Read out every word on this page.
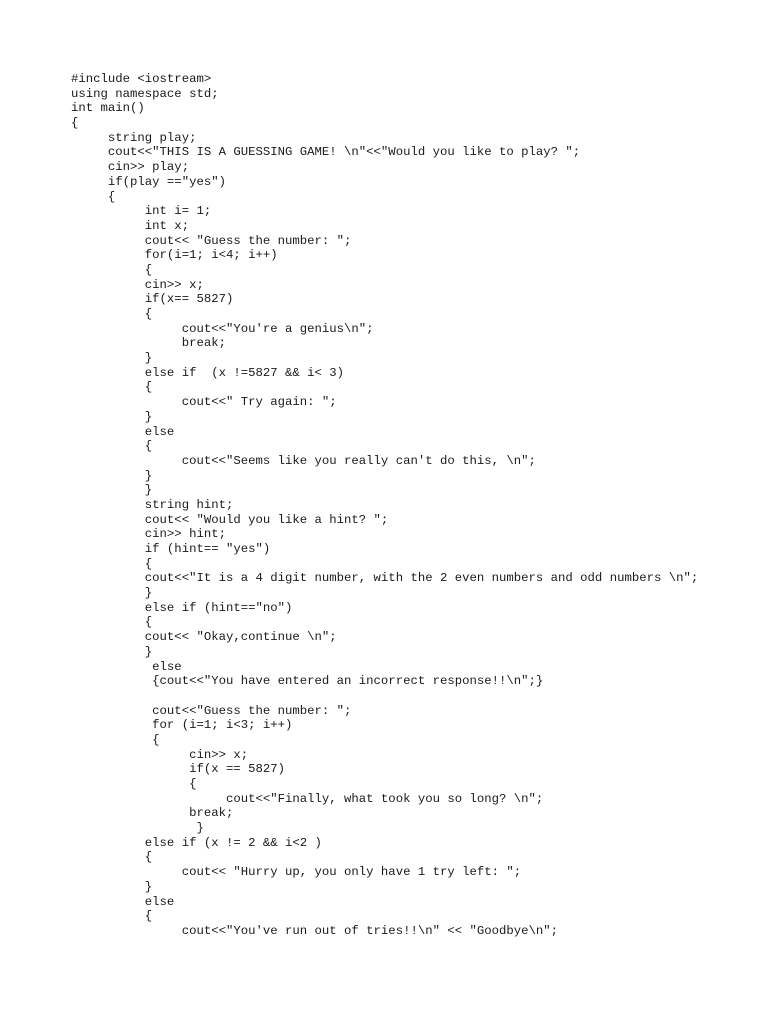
#include <iostream>
using namespace std;
int main()
{
string play;
cout<<"THIS IS A GUESSING GAME! \n"<<"Would you like to play? ";
cin>> play;
if(play =="yes")
{
int i= 1;
int x;
cout<< "Guess the number: ";
for(i=1; i<4; i++)
{
cin>> x;
if(x== 5827)
{
cout<<"You're a genius\n";
break;
}
else if  (x !=5827 && i< 3)
{
cout<<" Try again: ";
}
else
{
cout<<"Seems like you really can't do this, \n";
}
}
string hint;
cout<< "Would you like a hint? ";
cin>> hint;
if (hint== "yes")
{
cout<<"It is a 4 digit number, with the 2 even numbers and odd numbers \n";
}
else if (hint=="no")
{
cout<< "Okay,continue \n";
}
else
{cout<<"You have entered an incorrect response!!\n";}

cout<<"Guess the number: ";
for (i=1; i<3; i++)
{
cin>> x;
if(x == 5827)
{
cout<<"Finally, what took you so long? \n";
break;
}
else if (x != 2 && i<2 )
{
cout<< "Hurry up, you only have 1 try left: ";
}
else
{
cout<<"You've run out of tries!!\n" << "Goodbye\n";
